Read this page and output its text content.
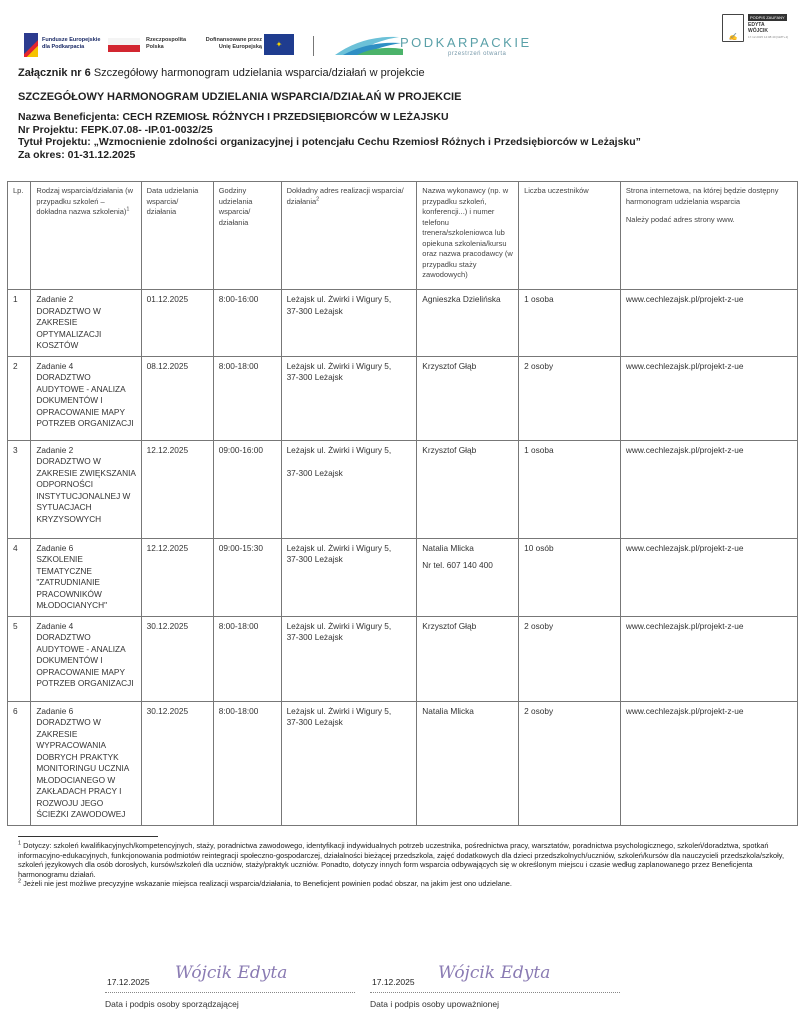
Fundusze Europejskie
dla Podkarpacia
Rzeczpospolita
Polska
Dofinansowane przez
Unię Europejską	✦	PODKARPACKIE
przestrzeń otwarta
✍
PODPIS ZAUFANY
EDYTA
WÓJCIK
17.12.2025 14:08:40 [GMT+1]
Załącznik nr 6 Szczegółowy harmonogram udzielania wsparcia/działań w projekcie
SZCZEGÓŁOWY HARMONOGRAM UDZIELANIA WSPARCIA/DZIAŁAŃ W PROJEKCIE
Nazwa Beneficjenta: CECH RZEMIOSŁ RÓŻNYCH I PRZEDSIĘBIORCÓW W LEŻAJSKU
Nr Projektu: FEPK.07.08- -IP.01-0032/25
Tytuł Projektu: „Wzmocnienie zdolności organizacyjnej i potencjału Cechu Rzemiosł Różnych i Przedsiębiorców w Leżajsku”
Za okres: 01-31.12.2025
Lp.	Rodzaj wsparcia/działania (w przypadku szkoleń – dokładna nazwa szkolenia)$^1$	Data udzielania wsparcia/ działania	Godziny udzielania wsparcia/ działania	Dokładny adres realizacji wsparcia/ działania$^2$	Nazwa wykonawcy (np. w przypadku szkoleń, konferencji...) i numer telefonu trenera/szkoleniowca lub opiekuna szkolenia/kursu oraz nazwa pracodawcy (w przypadku staży zawodowych)	Liczba uczestników	Strona internetowa, na której będzie dostępny harmonogram udzielania wsparcia
Należy podać adres strony www.

1	Zadanie 2
DORADZTWO W ZAKRESIE OPTYMALIZACJI KOSZTÓW	01.12.2025	8:00-16:00	Leżajsk ul. Żwirki i Wigury 5,
37-300 Leżajsk	Agnieszka Dzielińska	1 osoba	www.cechlezajsk.pl/projekt-z-ue
2	Zadanie 4
DORADZTWO AUDYTOWE - ANALIZA DOKUMENTÓW I OPRACOWANIE MAPY POTRZEB ORGANIZACJI	08.12.2025	8:00-18:00	Leżajsk ul. Żwirki i Wigury 5,
37-300 Leżajsk	Krzysztof Głąb	2 osoby	www.cechlezajsk.pl/projekt-z-ue
3	Zadanie 2
DORADZTWO W ZAKRESIE ZWIĘKSZANIA ODPORNOŚCI INSTYTUCJONALNEJ W SYTUACJACH KRYZYSOWYCH	12.12.2025	09:00-16:00	Leżajsk ul. Żwirki i Wigury 5,
37-300 Leżajsk	Krzysztof Głąb	1 osoba	www.cechlezajsk.pl/projekt-z-ue
4	Zadanie 6
SZKOLENIE TEMATYCZNE "ZATRUDNIANIE PRACOWNIKÓW MŁODOCIANYCH"	12.12.2025	09:00-15:30	Leżajsk ul. Żwirki i Wigury 5,
37-300 Leżajsk	Natalia Mlicka
Nr tel. 607 140 400	10 osób	www.cechlezajsk.pl/projekt-z-ue
5	Zadanie 4
DORADZTWO AUDYTOWE - ANALIZA DOKUMENTÓW I OPRACOWANIE MAPY POTRZEB ORGANIZACJI	30.12.2025	8:00-18:00	Leżajsk ul. Żwirki i Wigury 5,
37-300 Leżajsk	Krzysztof Głąb	2 osoby	www.cechlezajsk.pl/projekt-z-ue
6	Zadanie 6
DORADZTWO W ZAKRESIE WYPRACOWANIA DOBRYCH PRAKTYK MONITORINGU UCZNIA MŁODOCIANEGO W ZAKŁADACH PRACY I ROZWOJU JEGO ŚCIEŻKI ZAWODOWEJ	30.12.2025	8:00-18:00	Leżajsk ul. Żwirki i Wigury 5,
37-300 Leżajsk	Natalia Mlicka	2 osoby	www.cechlezajsk.pl/projekt-z-ue

$^1$ Dotyczy: szkoleń kwalifikacyjnych/kompetencyjnych, staży, poradnictwa zawodowego, identyfikacji indywidualnych potrzeb uczestnika, pośrednictwa pracy, warsztatów, poradnictwa psychologicznego, szkoleń/doradztwa, spotkań informacyjno-edukacyjnych, funkcjonowania podmiotów reintegracji społeczno-gospodarczej, działalności bieżącej przedszkola, zajęć dodatkowych dla dzieci przedszkolnych/uczniów, szkoleń/kursów dla nauczycieli przedszkola/szkoły, szkoleń językowych dla osób dorosłych, kursów/szkoleń dla uczniów, staży/praktyk uczniów. Ponadto, dotyczy innych form wsparcia odbywających się w określonym miejscu i czasie według zaplanowanego przez Beneficjenta harmonogramu działań.

$^2$ Jeżeli nie jest możliwe precyzyjne wskazanie miejsca realizacji wsparcia/działania, to Beneficjent powinien podać obszar, na jakim jest ono udzielane.

17.12.2025 Wójcik Edyta
Data i podpis osoby sporządzającej
17.12.2025 Wójcik Edyta
Data i podpis osoby upoważnionej
